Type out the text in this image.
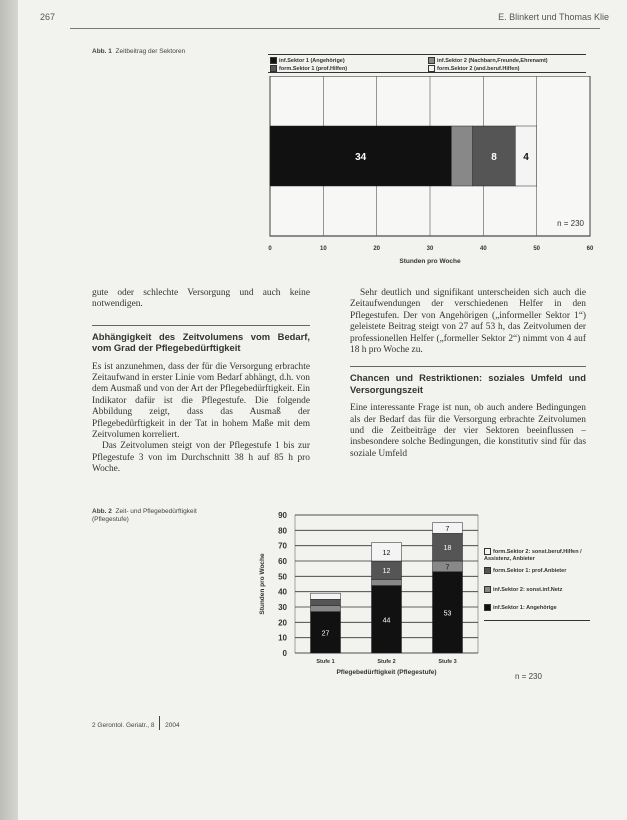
267	E. Blinkert und Thomas Klie
Abb. 1 Zeitbeitrag der Sektoren
inf.Sektor 1 (Angehörige)	inf.Sektor 2 (Nachbarn,Freunde,Ehrenamt)
form.Sektor 1 (prof.Hilfen)	form.Sektor 2 (and.beruf.Hilfen)
0	10	20	30	40	50	60
Stunden pro Woche
34	8	4
n = 230

gute oder schlechte Versorgung und auch keine notwendigen.

Abhängigkeit des Zeitvolumens vom Bedarf, vom Grad der Pflegebedürftigkeit

Es ist anzunehmen, dass der für die Versorgung erbrachte Zeitaufwand in erster Linie vom Bedarf abhängt, d.h. von dem Ausmaß und von der Art der Pflegebedürftigkeit. Ein Indikator dafür ist die Pflegestufe. Die folgende Abbildung zeigt, dass das Ausmaß der Pflegebedürftigkeit in der Tat in hohem Maße mit dem Zeitvolumen korreliert.

Das Zeitvolumen steigt von der Pflegestufe 1 bis zur Pflegestufe 3 von im Durchschnitt 38 h auf 85 h pro Woche.

Sehr deutlich und signifikant unterscheiden sich auch die Zeitaufwendungen der verschiedenen Helfer in den Pflegestufen. Der von Angehörigen („informeller Sektor 1“) geleistete Beitrag steigt von 27 auf 53 h, das Zeitvolumen der professionellen Helfer („formeller Sektor 2“) nimmt von 4 auf 18 h pro Woche zu.

Chancen und Restriktionen: soziales Umfeld und Versorgungszeit

Eine interessante Frage ist nun, ob auch andere Bedingungen als der Bedarf das für die Versorgung erbrachte Zeitvolumen und die Zeitbeiträge der vier Sektoren beeinflussen – insbesondere solche Bedingungen, die konstitutiv sind für das soziale Umfeld

Abb. 2 Zeit- und Pflegebedürftigkeit (Pflegestufe)
0
10
20
30
40
50
60
70
80
90
Stunden pro Woche
27
Stufe 1
44
12
12
Stufe 2
53
7
18
7
Stufe 3
Pflegebedürftigkeit (Pflegestufe)
form.Sektor 2: sonst.beruf.Hilfen / Assistenz, Anbieter
form.Sektor 1: prof.Anbieter
inf.Sektor 2: sonst.inf.Netz
inf.Sektor 1: Angehörige
n = 230
2 Gerontol. Geriatr., 8 2004
